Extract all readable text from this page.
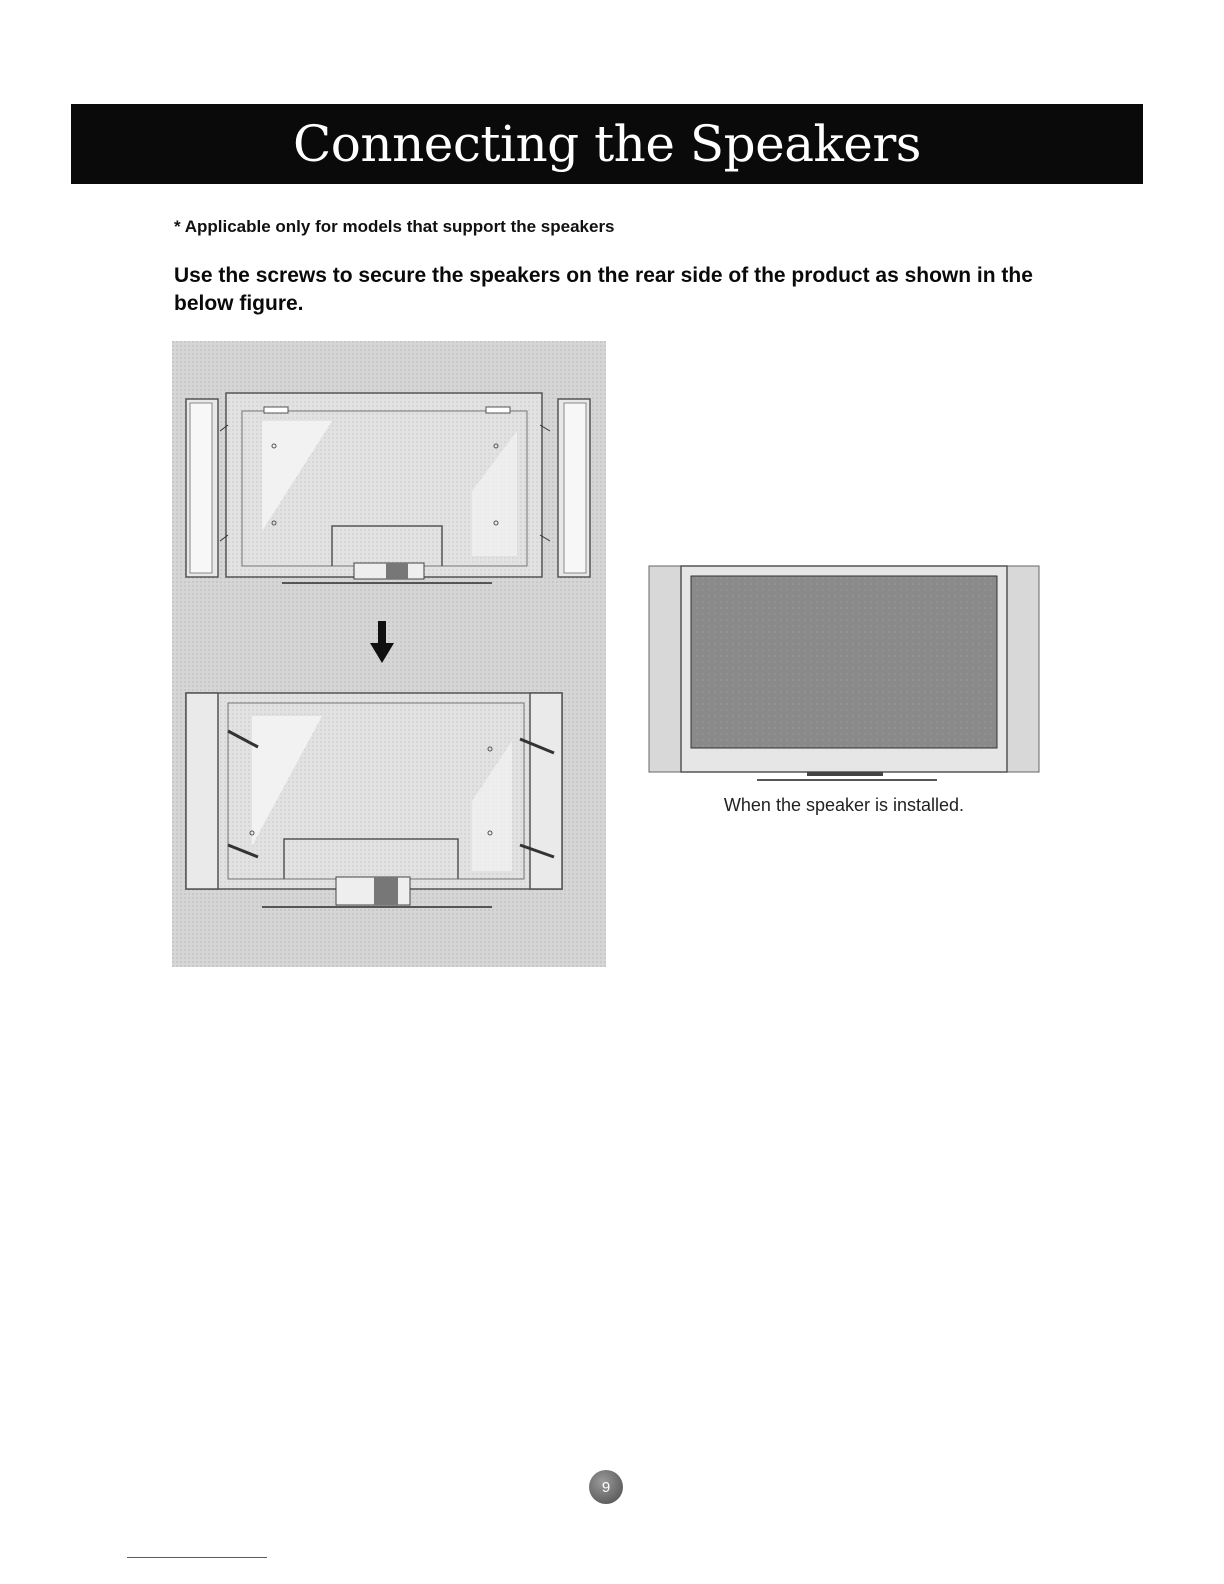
Connecting the Speakers
* Applicable only for models that support the speakers
Use the screws to secure the speakers on the rear side of the product as shown in the below figure.
When the speaker is installed.
9
